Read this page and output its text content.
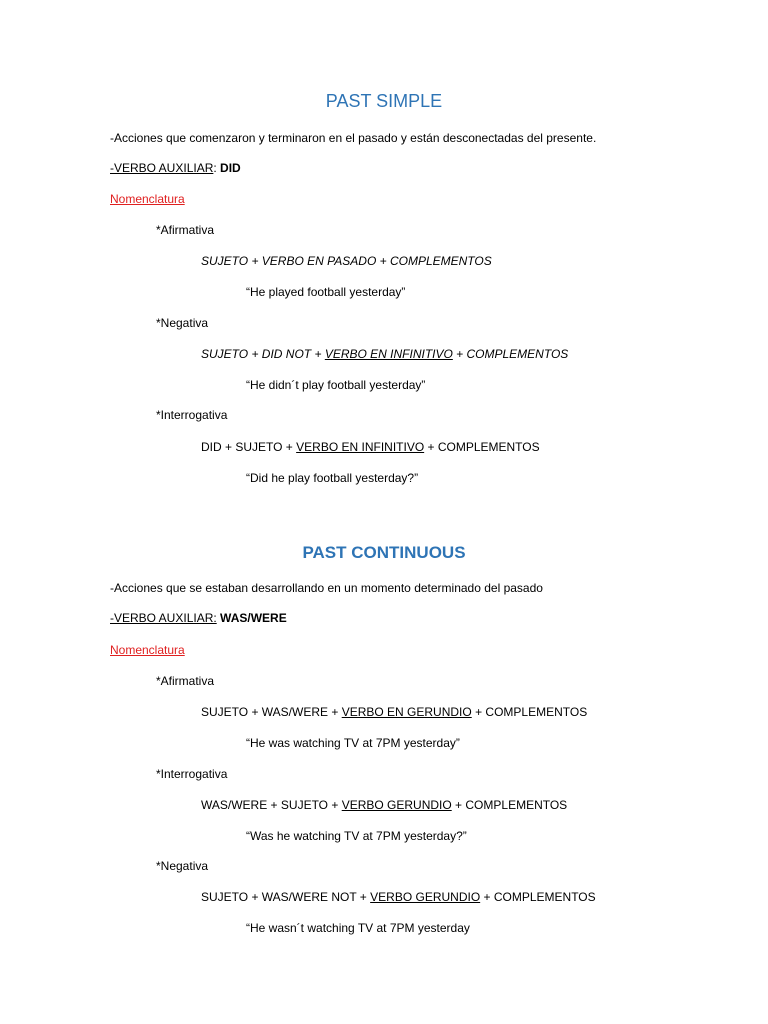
PAST SIMPLE
-Acciones que comenzaron y terminaron en el pasado y están desconectadas del presente.
-VERBO AUXILIAR: DID
Nomenclatura
*Afirmativa
SUJETO + VERBO EN PASADO + COMPLEMENTOS
“He played football yesterday”
*Negativa
SUJETO + DID NOT + VERBO EN INFINITIVO + COMPLEMENTOS
“He didn´t play football yesterday”
*Interrogativa
DID + SUJETO + VERBO EN INFINITIVO + COMPLEMENTOS
“Did he play football yesterday?”
PAST CONTINUOUS
-Acciones que se estaban desarrollando en un momento determinado del pasado
-VERBO AUXILIAR: WAS/WERE
Nomenclatura
*Afirmativa
SUJETO + WAS/WERE + VERBO EN GERUNDIO + COMPLEMENTOS
“He was watching TV at 7PM yesterday”
*Interrogativa
WAS/WERE + SUJETO + VERBO GERUNDIO + COMPLEMENTOS
“Was he watching TV at 7PM yesterday?”
*Negativa
SUJETO + WAS/WERE NOT + VERBO GERUNDIO + COMPLEMENTOS
“He wasn´t watching TV at 7PM yesterday
